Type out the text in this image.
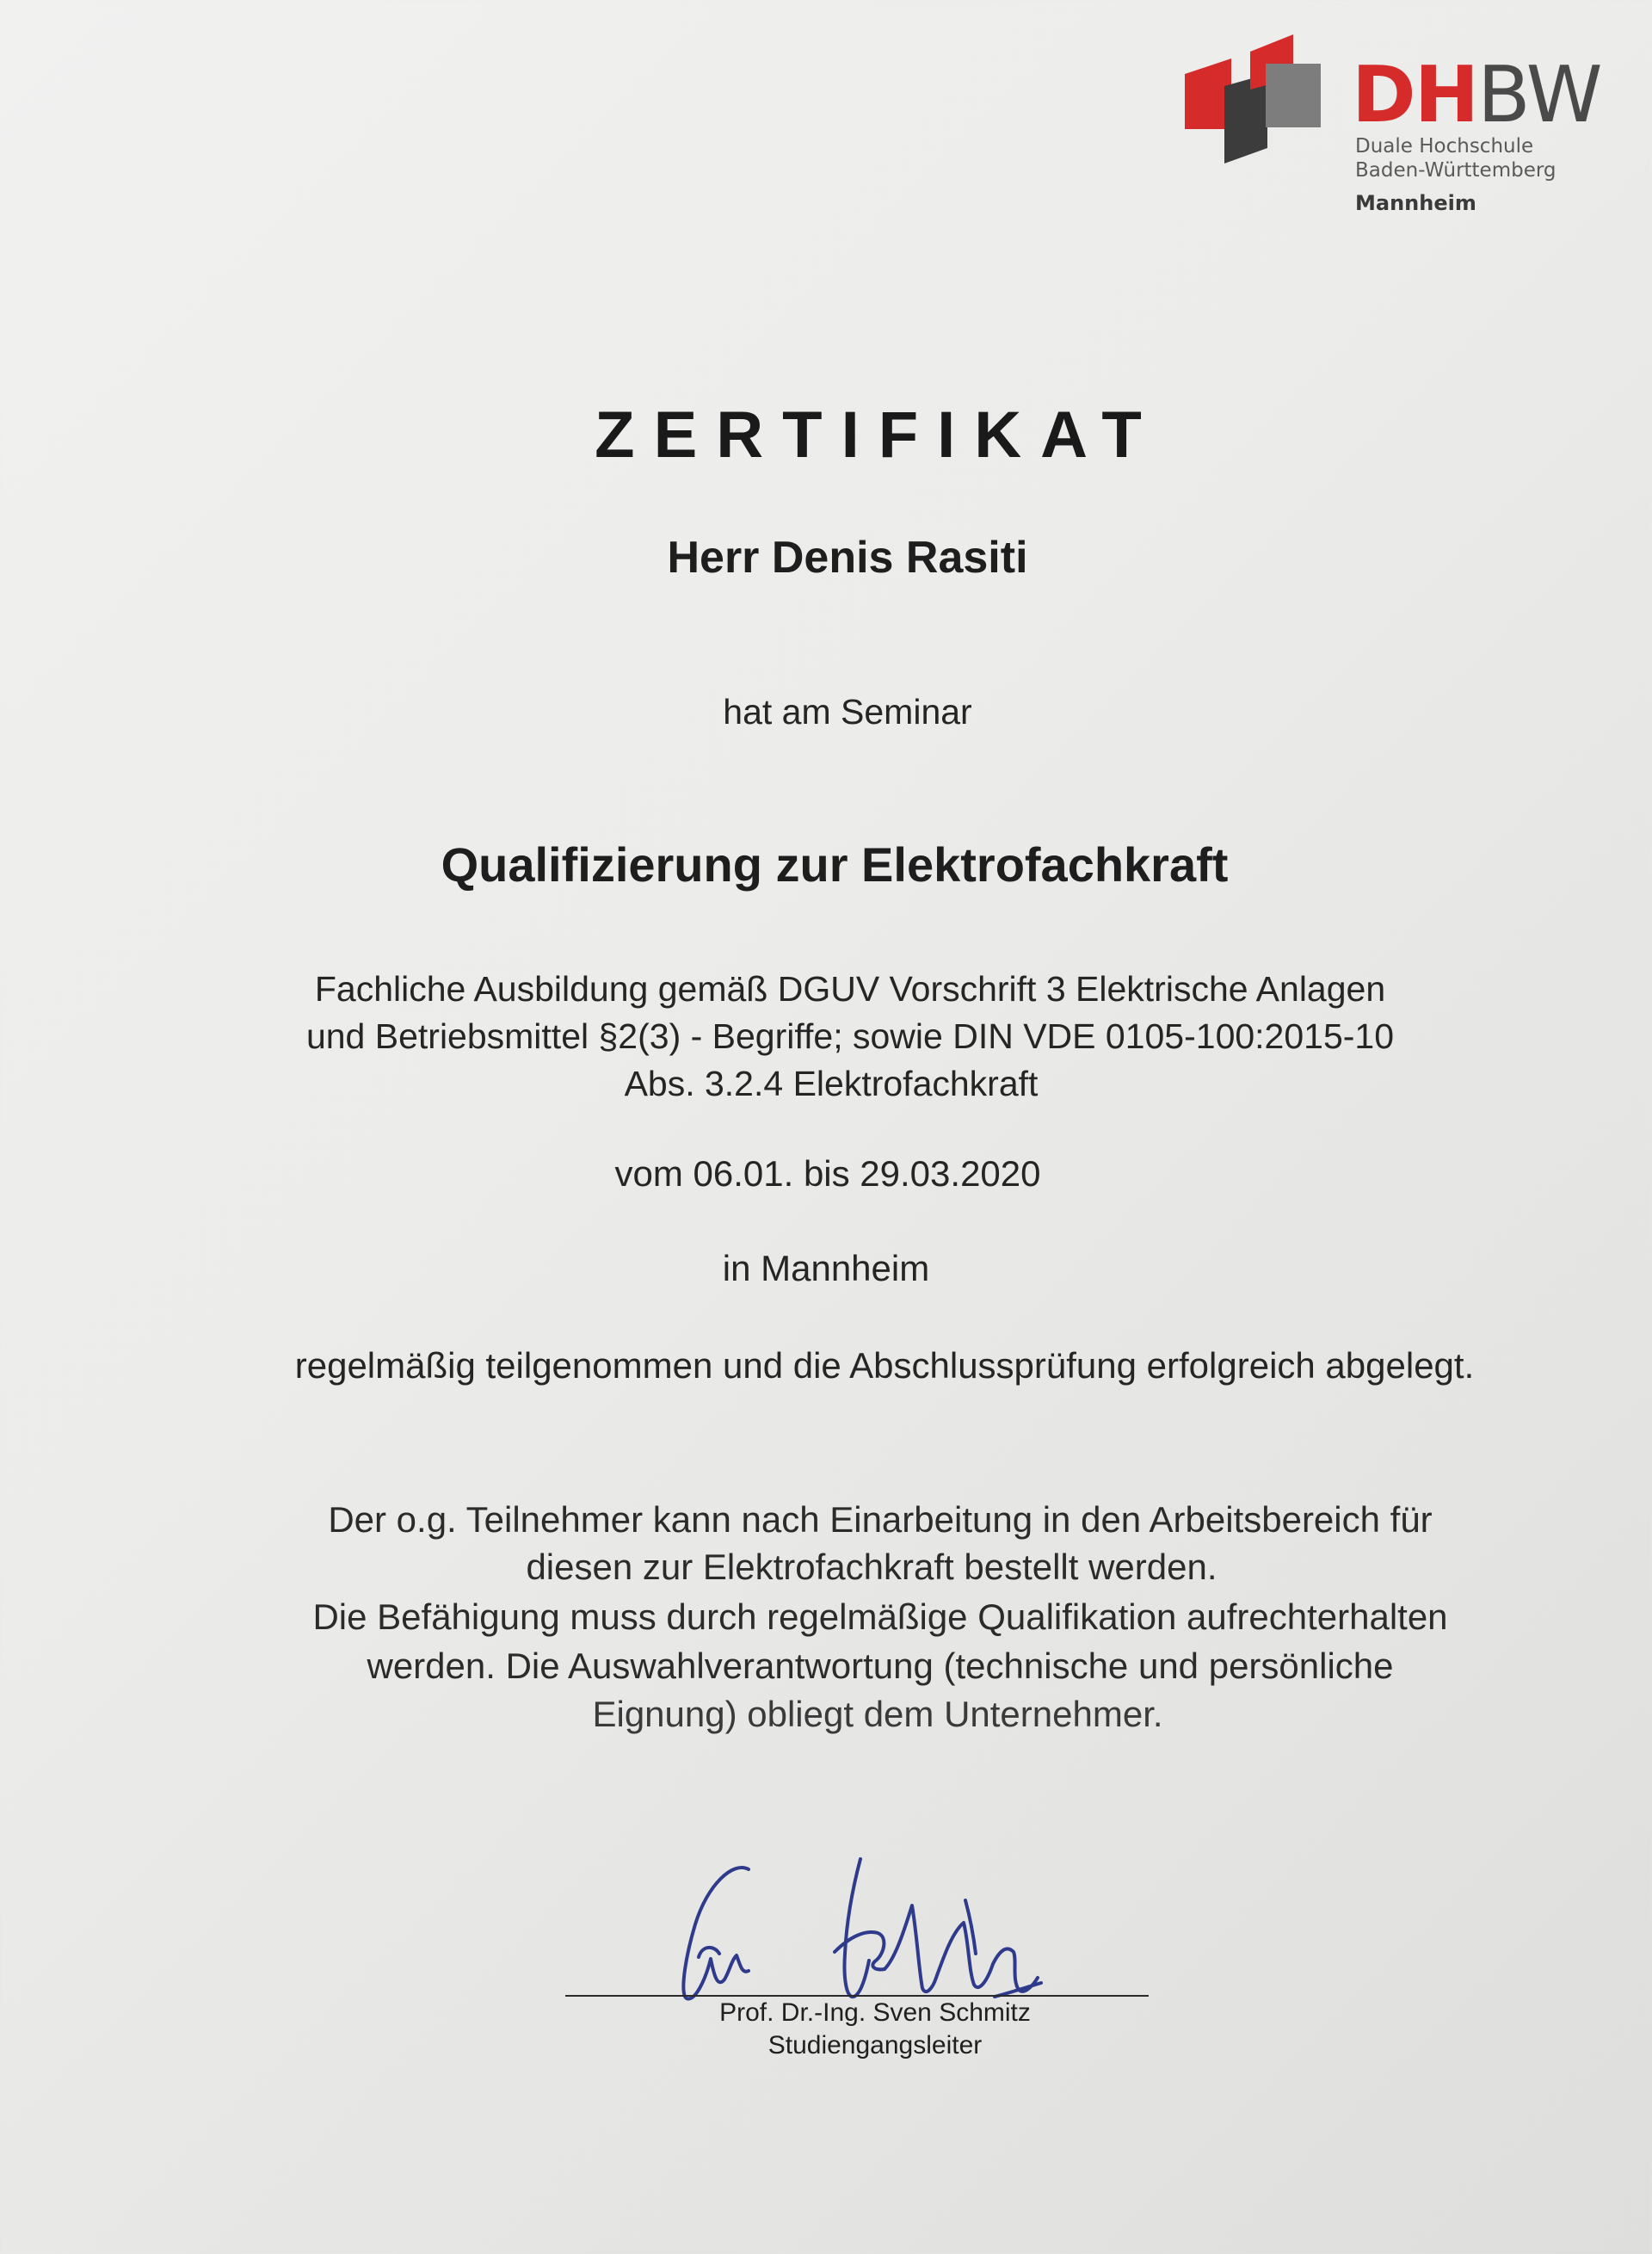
DHBW
Duale Hochschule
Baden-Württemberg
Mannheim
ZERTIFIKAT
Herr Denis Rasiti
hat am Seminar
Qualifizierung zur Elektrofachkraft
Fachliche Ausbildung gemäß DGUV Vorschrift 3 Elektrische Anlagen
und Betriebsmittel §2(3) - Begriffe; sowie DIN VDE 0105-100:2015-10
Abs. 3.2.4 Elektrofachkraft
vom 06.01. bis 29.03.2020
in Mannheim
regelmäßig teilgenommen und die Abschlussprüfung erfolgreich abgelegt.
Der o.g. Teilnehmer kann nach Einarbeitung in den Arbeitsbereich für
diesen zur Elektrofachkraft bestellt werden.
Die Befähigung muss durch regelmäßige Qualifikation aufrechterhalten
werden. Die Auswahlverantwortung (technische und persönliche
Eignung) obliegt dem Unternehmer.
Prof. Dr.-Ing. Sven Schmitz
Studiengangsleiter
